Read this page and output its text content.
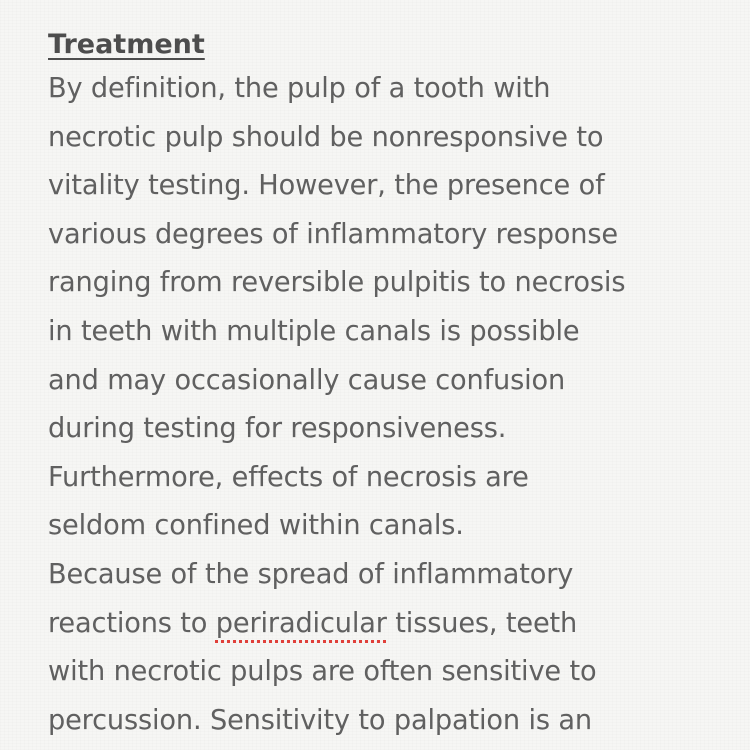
Treatment
By definition, the pulp of a tooth with
necrotic pulp should be nonresponsive to
vitality testing. However, the presence of
various degrees of inflammatory response
ranging from reversible pulpitis to necrosis
in teeth with multiple canals is possible
and may occasionally cause confusion
during testing for responsiveness.
Furthermore, effects of necrosis are
seldom confined within canals.
Because of the spread of inflammatory
reactions to periradicular tissues, teeth
with necrotic pulps are often sensitive to
percussion. Sensitivity to palpation is an
